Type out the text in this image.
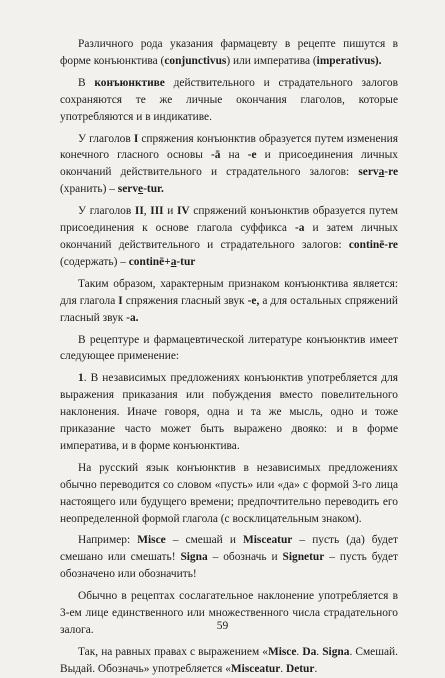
Различного рода указания фармацевту в рецепте пишутся в форме конъюнктива (conjunctivus) или императива (imperativus).

В конъюнктиве действительного и страдательного залогов сохраняются те же личные окончания глаголов, которые употребляются и в индикативе.

У глаголов I спряжения конъюнктив образуется путем изменения конечного гласного основы -ā на -e и присоединения личных окончаний действительного и страдательного залогов: serva-re (хранить) – serve-tur.

У глаголов II, III и IV спряжений конъюнктив образуется путем присоединения к основе глагола суффикса -a и затем личных окончаний действительного и страдательного залогов: continē-re (содержать) – continē+a-tur

Таким образом, характерным признаком конъюнктива является: для глагола I спряжения гласный звук -e, а для остальных спряжений гласный звук -a.

В рецептуре и фармацевтической литературе конъюнктив имеет следующее применение:

1. В независимых предложениях конъюнктив употребляется для выражения приказания или побуждения вместо повелительного наклонения. Иначе говоря, одна и та же мысль, одно и тоже приказание часто может быть выражено двояко: и в форме императива, и в форме конъюнктива.

На русский язык конъюнктив в независимых предложениях обычно переводится со словом «пусть» или «да» с формой 3-го лица настоящего или будущего времени; предпочтительно переводить его неопределенной формой глагола (с восклицательным знаком).

Например: Misce – смешай и Misceatur – пусть (да) будет смешано или смешать! Signa – обозначь и Signetur – пусть будет обозначено или обозначить!

Обычно в рецептах сослагательное наклонение употребляется в 3-ем лице единственного или множественного числа страдательного залога.

Так, на равных правах с выражением «Misce. Da. Signa. Смешай. Выдай. Обозначь» употребляется «Misceatur. Detur.

59
